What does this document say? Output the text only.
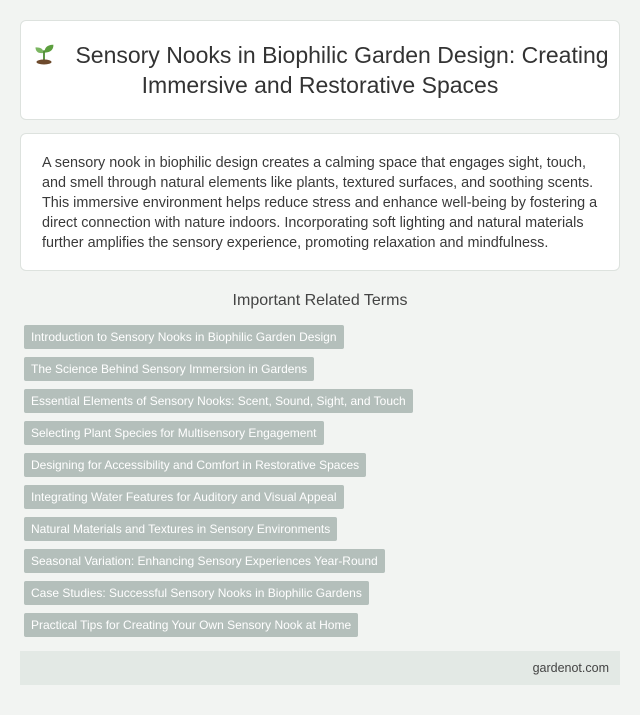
Sensory Nooks in Biophilic Garden Design: Creating Immersive and Restorative Spaces

A sensory nook in biophilic design creates a calming space that engages sight, touch, and smell through natural elements like plants, textured surfaces, and soothing scents. This immersive environment helps reduce stress and enhance well-being by fostering a direct connection with nature indoors. Incorporating soft lighting and natural materials further amplifies the sensory experience, promoting relaxation and mindfulness.

Important Related Terms
Introduction to Sensory Nooks in Biophilic Garden Design
The Science Behind Sensory Immersion in Gardens
Essential Elements of Sensory Nooks: Scent, Sound, Sight, and Touch
Selecting Plant Species for Multisensory Engagement
Designing for Accessibility and Comfort in Restorative Spaces
Integrating Water Features for Auditory and Visual Appeal
Natural Materials and Textures in Sensory Environments
Seasonal Variation: Enhancing Sensory Experiences Year-Round
Case Studies: Successful Sensory Nooks in Biophilic Gardens
Practical Tips for Creating Your Own Sensory Nook at Home
gardenot.com
